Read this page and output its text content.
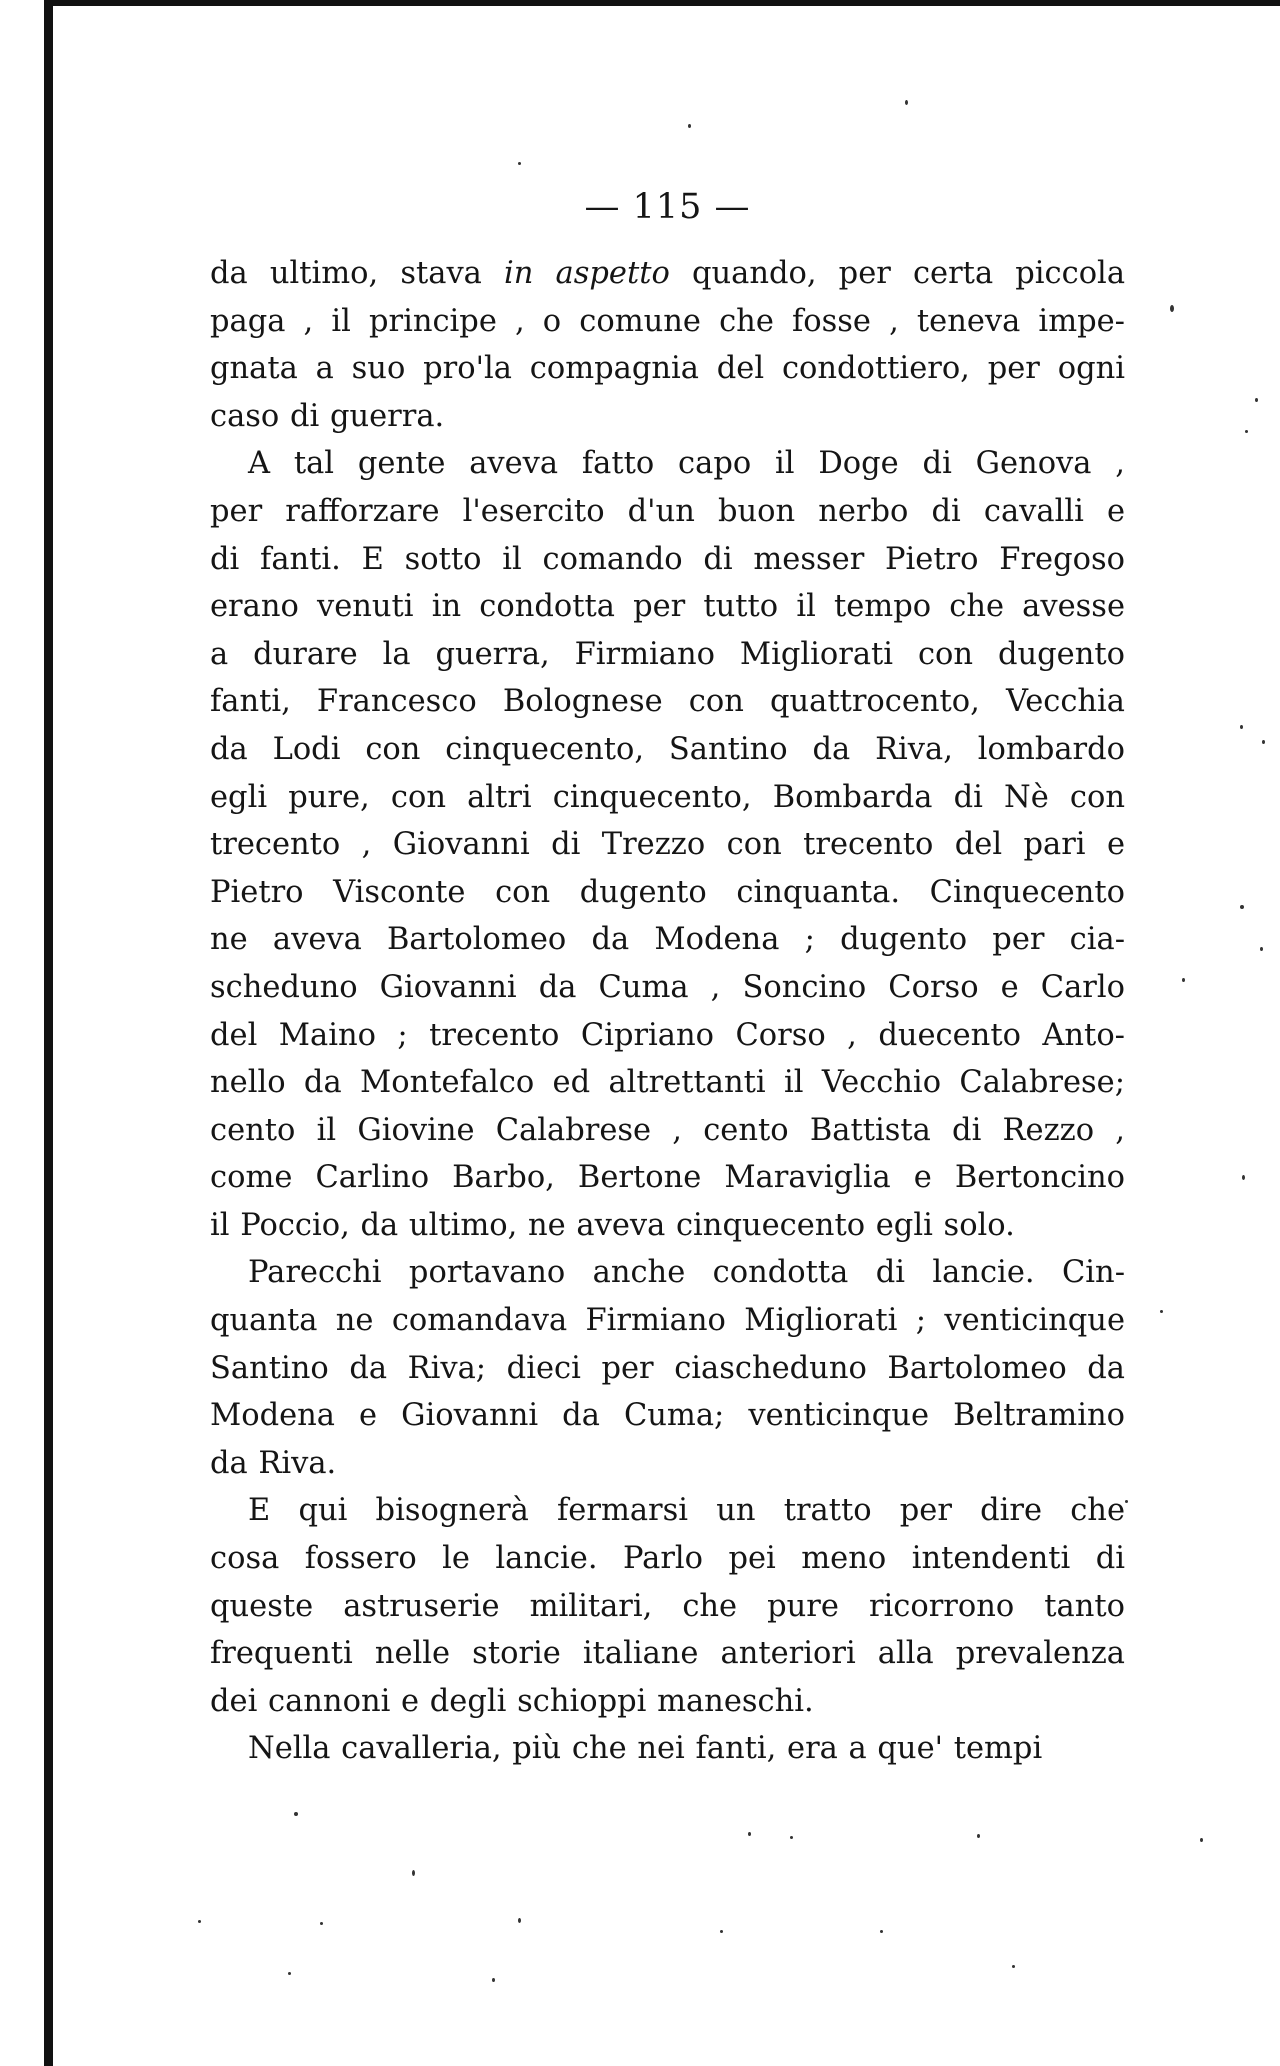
— 115 —

da ultimo, stava in aspetto quando, per certa piccola
paga , il principe , o comune che fosse , teneva impe-
gnata a suo pro'la compagnia del condottiero, per ogni
caso di guerra.

A tal gente aveva fatto capo il Doge di Genova ,
per rafforzare l'esercito d'un buon nerbo di cavalli e
di fanti. E sotto il comando di messer Pietro Fregoso
erano venuti in condotta per tutto il tempo che avesse
a durare la guerra, Firmiano Migliorati con dugento
fanti, Francesco Bolognese con quattrocento, Vecchia
da Lodi con cinquecento, Santino da Riva, lombardo
egli pure, con altri cinquecento, Bombarda di Nè con
trecento , Giovanni di Trezzo con trecento del pari e
Pietro Visconte con dugento cinquanta. Cinquecento
ne aveva Bartolomeo da Modena ; dugento per cia-
scheduno Giovanni da Cuma , Soncino Corso e Carlo
del Maino ; trecento Cipriano Corso , duecento Anto-
nello da Montefalco ed altrettanti il Vecchio Calabrese;
cento il Giovine Calabrese , cento Battista di Rezzo ,
come Carlino Barbo, Bertone Maraviglia e Bertoncino
il Poccio, da ultimo, ne aveva cinquecento egli solo.

Parecchi portavano anche condotta di lancie. Cin-
quanta ne comandava Firmiano Migliorati ; venticinque
Santino da Riva; dieci per ciascheduno Bartolomeo da
Modena e Giovanni da Cuma; venticinque Beltramino
da Riva.

E qui bisognerà fermarsi un tratto per dire che
cosa fossero le lancie. Parlo pei meno intendenti di
queste astruserie militari, che pure ricorrono tanto
frequenti nelle storie italiane anteriori alla prevalenza
dei cannoni e degli schioppi maneschi.

Nella cavalleria, più che nei fanti, era a que' tempi
